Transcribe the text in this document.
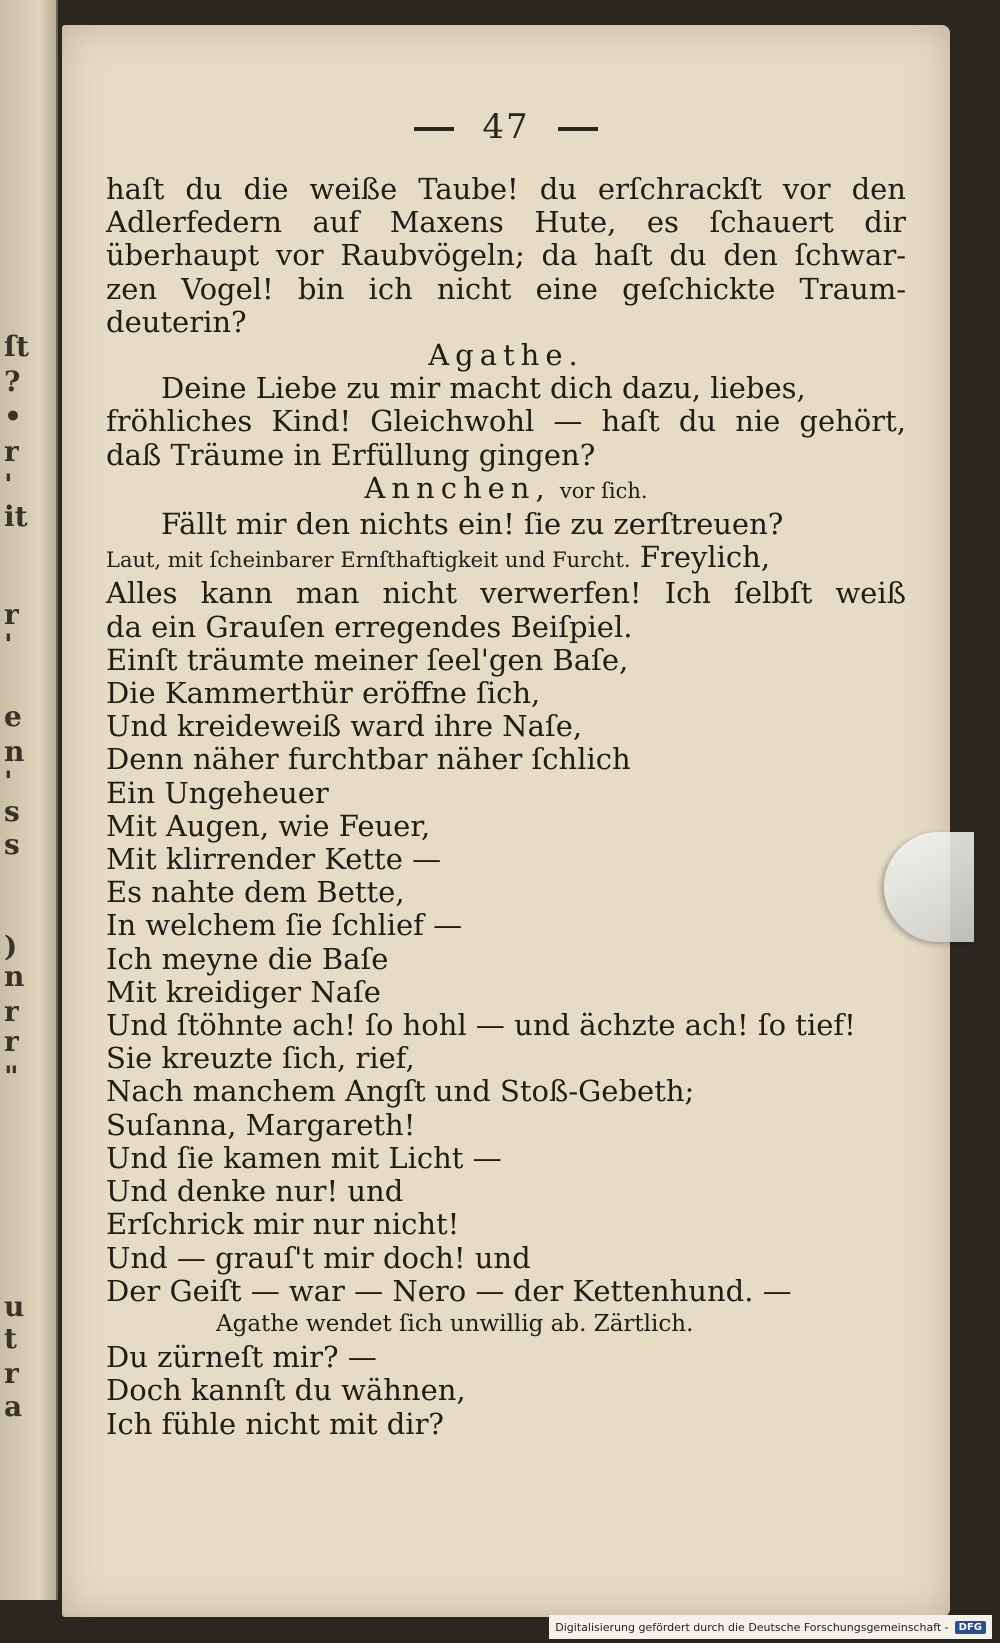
ſt
?
•
r
'
it
r
'
e
n
'
s
s
)
n
r
r
"
u
t
r
a
47
haſt du die weiße Taube! du erſchrackſt vor den
Adlerfedern auf Maxens Hute, es ſchauert dir
überhaupt vor Raubvögeln; da haſt du den ſchwar-
zen Vogel! bin ich nicht eine geſchickte Traum-
deuterin?
Agathe.
Deine Liebe zu mir macht dich dazu, liebes,
fröhliches Kind! Gleichwohl — haſt du nie gehört,
daß Träume in Erfüllung gingen?
Annchen, vor ſich.
Fällt mir den nichts ein! ſie zu zerſtreuen?
Laut, mit ſcheinbarer Ernſthaftigkeit und Furcht. Freylich,
Alles kann man nicht verwerfen! Ich ſelbſt weiß
da ein Grauſen erregendes Beiſpiel.
Einſt träumte meiner ſeel'gen Baſe,
Die Kammerthür eröffne ſich,
Und kreideweiß ward ihre Naſe,
Denn näher furchtbar näher ſchlich
Ein Ungeheuer
Mit Augen, wie Feuer,
Mit klirrender Kette —
Es nahte dem Bette,
In welchem ſie ſchlief —
Ich meyne die Baſe
Mit kreidiger Naſe
Und ſtöhnte ach! ſo hohl — und ächzte ach! ſo tief!
Sie kreuzte ſich, rief,
Nach manchem Angſt und Stoß-Gebeth;
Suſanna, Margareth!
Und ſie kamen mit Licht —
Und denke nur! und
Erſchrick mir nur nicht!
Und — grauſ't mir doch! und
Der Geiſt — war — Nero — der Kettenhund. —
Agathe wendet ſich unwillig ab. Zärtlich.
Du zürneſt mir? —
Doch kannſt du wähnen,
Ich fühle nicht mit dir?
Digitalisierung gefördert durch die Deutsche Forschungsgemeinschaft -	DFG
